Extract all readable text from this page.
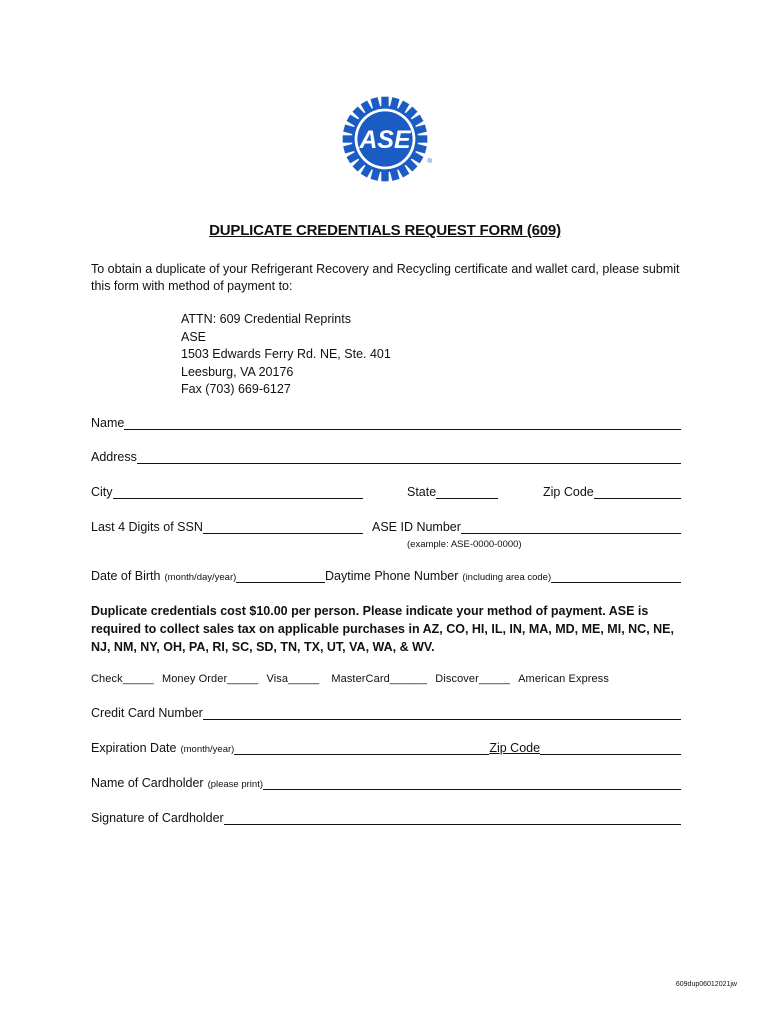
ASE
®
DUPLICATE CREDENTIALS REQUEST FORM (609)
To obtain a duplicate of your Refrigerant Recovery and Recycling certificate and wallet card, please submit this form with method of payment to:
ATTN: 609 Credential Reprints
ASE
1503 Edwards Ferry Rd. NE, Ste. 401
Leesburg, VA 20176
Fax (703) 669-6127
Name
Address
City	State	Zip Code
Last 4 Digits of SSN	ASE ID Number
(example: ASE-0000-0000)
Date of Birth (month/day/year)	Daytime Phone Number (including area code)
Duplicate credentials cost $10.00 per person. Please indicate your method of payment. ASE is required to collect sales tax on applicable purchases in AZ, CO, HI, IL, IN, MA, MD, ME, MI, NC, NE, NJ, NM, NY, OH, PA, RI, SC, SD, TN, TX, UT, VA, WA, & WV.
Check_____ Money Order_____ Visa_____ MasterCard______ Discover_____ American Express
Credit Card Number
Expiration Date (month/year)	Zip Code
Name of Cardholder (please print)
Signature of Cardholder
609dup06012021jw
